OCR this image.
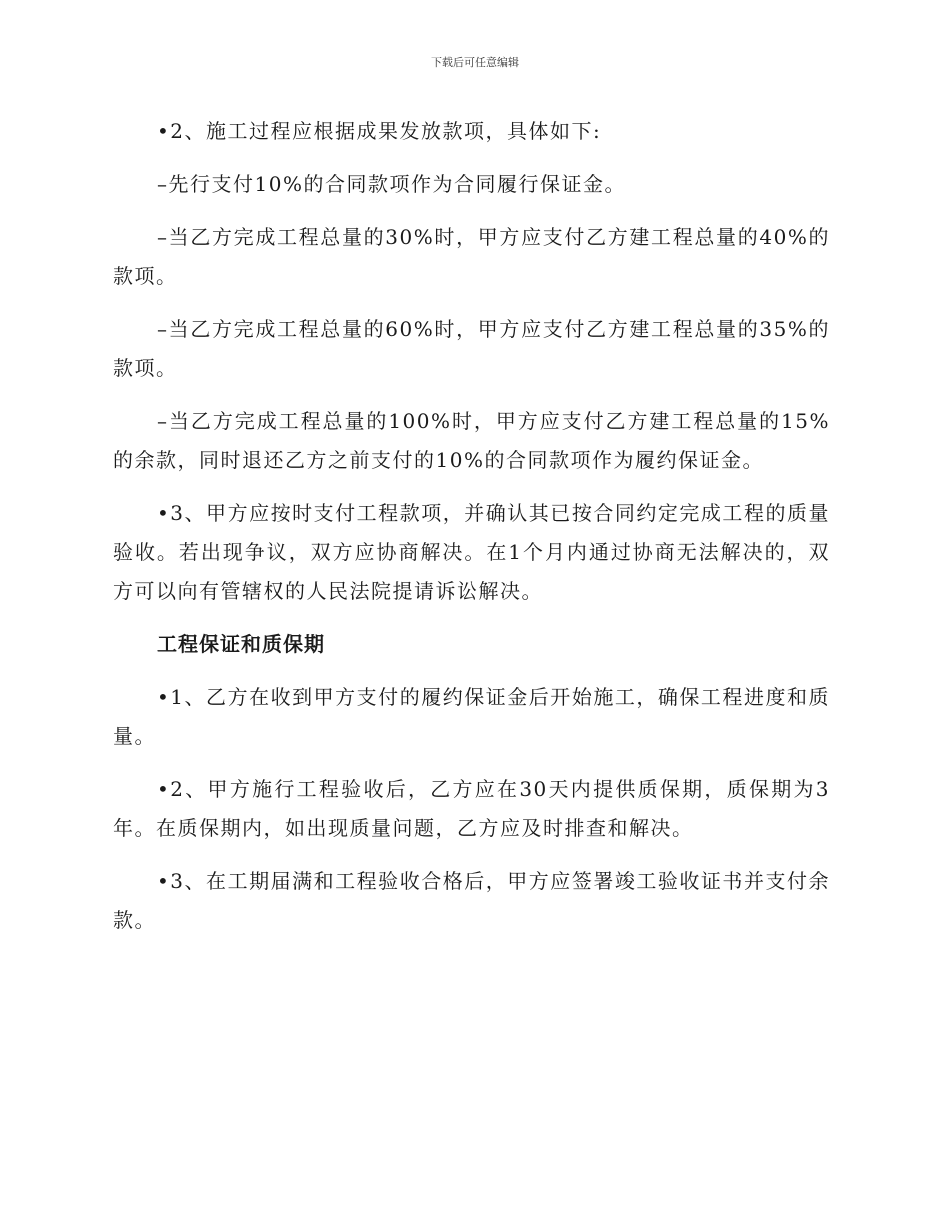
下载后可任意编辑

•2、施工过程应根据成果发放款项，具体如下:

–先行支付10%的合同款项作为合同履行保证金。

–当乙方完成工程总量的30%时，甲方应支付乙方建工程总量的40%的款项。

–当乙方完成工程总量的60%时，甲方应支付乙方建工程总量的35%的款项。

–当乙方完成工程总量的100%时，甲方应支付乙方建工程总量的15%的余款，同时退还乙方之前支付的10%的合同款项作为履约保证金。

•3、甲方应按时支付工程款项，并确认其已按合同约定完成工程的质量验收。若出现争议，双方应协商解决。在1个月内通过协商无法解决的，双方可以向有管辖权的人民法院提请诉讼解决。

工程保证和质保期

•1、乙方在收到甲方支付的履约保证金后开始施工，确保工程进度和质量。

•2、甲方施行工程验收后，乙方应在30天内提供质保期，质保期为3年。在质保期内，如出现质量问题，乙方应及时排查和解决。

•3、在工期届满和工程验收合格后，甲方应签署竣工验收证书并支付余款。
